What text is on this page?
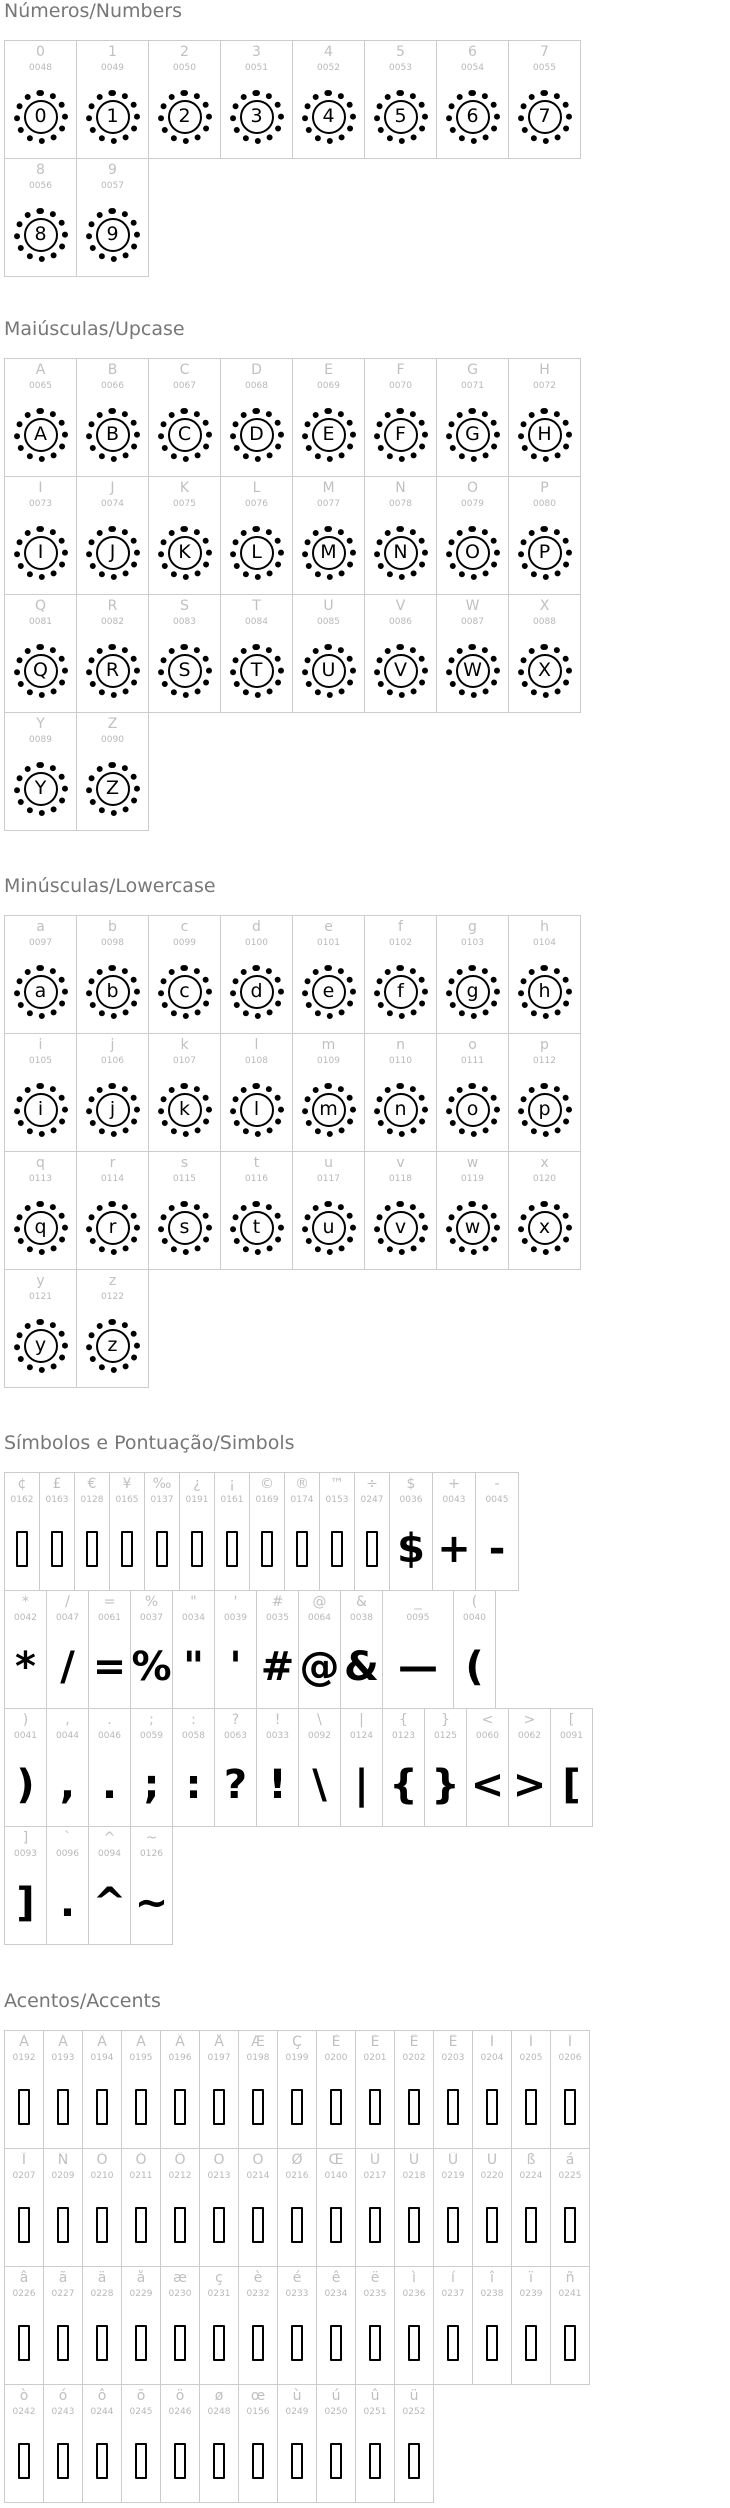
Números/Numbers
0
0048
0
1
0049
1
2
0050
2
3
0051
3
4
0052
4
5
0053
5
6
0054
6
7
0055
7
8
0056
8
9
0057
9
Maiúsculas/Upcase
A
0065
A
B
0066
B
C
0067
C
D
0068
D
E
0069
E
F
0070
F
G
0071
G
H
0072
H
I
0073
I
J
0074
J
K
0075
K
L
0076
L
M
0077
M
N
0078
N
O
0079
O
P
0080
P
Q
0081
Q
R
0082
R
S
0083
S
T
0084
T
U
0085
U
V
0086
V
W
0087
W
X
0088
X
Y
0089
Y
Z
0090
Z
Minúsculas/Lowercase
a
0097
a
b
0098
b
c
0099
c
d
0100
d
e
0101
e
f
0102
f
g
0103
g
h
0104
h
i
0105
i
j
0106
j
k
0107
k
l
0108
l
m
0109
m
n
0110
n
o
0111
o
p
0112
p
q
0113
q
r
0114
r
s
0115
s
t
0116
t
u
0117
u
v
0118
v
w
0119
w
x
0120
x
y
0121
y
z
0122
z
Símbolos e Pontuação/Simbols
¢
0162
£
0163
€
0128
¥
0165
‰
0137
¿
0191
¡
0161
©
0169
®
0174
™
0153
÷
0247
$
0036
$
+
0043
+
-
0045
-
*
0042
*
/
0047
/
=
0061
=
%
0037
%
"
0034
"
'
0039
'
#
0035
#
@
0064
@
&
0038
&
_
0095
—
(
0040
(
)
0041
)
,
0044
,
.
0046
.
;
0059
;
:
0058
:
?
0063
?
!
0033
!
\
0092
\
|
0124
|
{
0123
{
}
0125
}
<
0060
<
>
0062
>
[
0091
[
]
0093
]
`
0096
.
^
0094
^
~
0126
~
Acentos/Accents
À
0192
Á
0193
Â
0194
Ã
0195
Ä
0196
Å
0197
Æ
0198
Ç
0199
È
0200
É
0201
Ê
0202
Ë
0203
Ì
0204
Í
0205
Î
0206
Ï
0207
Ñ
0209
Ò
0210
Ó
0211
Ô
0212
Õ
0213
Ö
0214
Ø
0216
Œ
0140
Ù
0217
Ú
0218
Û
0219
Ü
0220
ß
0224
á
0225
â
0226
ã
0227
ä
0228
å
0229
æ
0230
ç
0231
è
0232
é
0233
ê
0234
ë
0235
ì
0236
í
0237
î
0238
ï
0239
ñ
0241
ò
0242
ó
0243
ô
0244
õ
0245
ö
0246
ø
0248
œ
0156
ù
0249
ú
0250
û
0251
ü
0252
